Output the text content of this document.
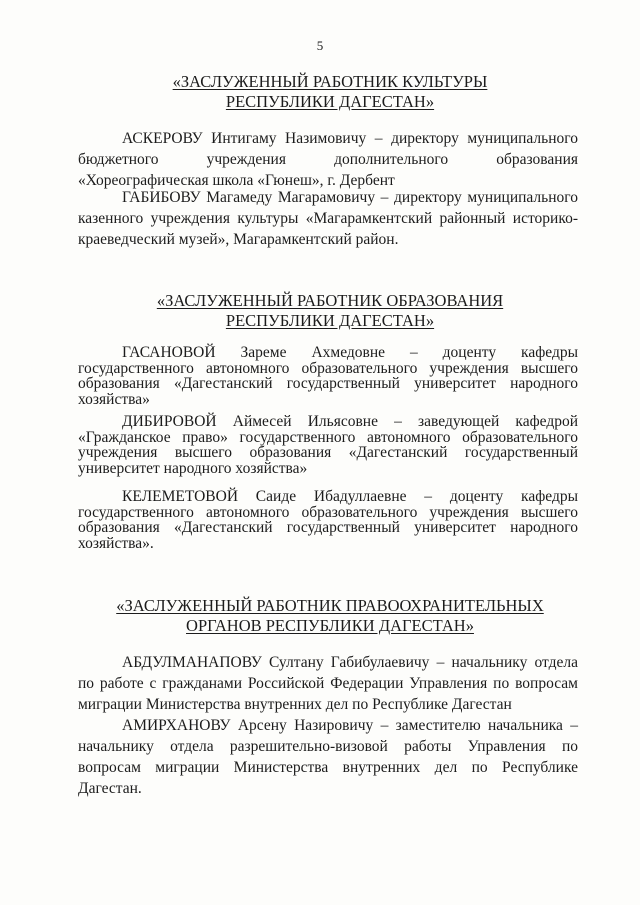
5
«ЗАСЛУЖЕННЫЙ РАБОТНИК КУЛЬТУРЫ
РЕСПУБЛИКИ ДАГЕСТАН»

АСКЕРОВУ Интигаму Назимовичу – директору муниципального бюджетного учреждения дополнительного образования «Хореографическая школа «Гюнеш», г. Дербент

ГАБИБОВУ Магамеду Магарамовичу – директору муниципального казенного учреждения культуры «Магарамкентский районный историко-краеведческий музей», Магарамкентский район.

«ЗАСЛУЖЕННЫЙ РАБОТНИК ОБРАЗОВАНИЯ
РЕСПУБЛИКИ ДАГЕСТАН»

ГАСАНОВОЙ Зареме Ахмедовне – доценту кафедры государственного автономного образовательного учреждения высшего образования «Дагестанский государственный университет народного хозяйства»

ДИБИРОВОЙ Аймесей Ильясовне – заведующей кафедрой «Гражданское право» государственного автономного образовательного учреждения высшего образования «Дагестанский государственный университет народного хозяйства»

КЕЛЕМЕТОВОЙ Саиде Ибадуллаевне – доценту кафедры государственного автономного образовательного учреждения высшего образования «Дагестанский государственный университет народного хозяйства».

«ЗАСЛУЖЕННЫЙ РАБОТНИК ПРАВООХРАНИТЕЛЬНЫХ
ОРГАНОВ РЕСПУБЛИКИ ДАГЕСТАН»

АБДУЛМАНАПОВУ Султану Габибулаевичу – начальнику отдела по работе с гражданами Российской Федерации Управления по вопросам миграции Министерства внутренних дел по Республике Дагестан

АМИРХАНОВУ Арсену Назировичу – заместителю начальника – начальнику отдела разрешительно-визовой работы Управления по вопросам миграции Министерства внутренних дел по Республике Дагестан.
